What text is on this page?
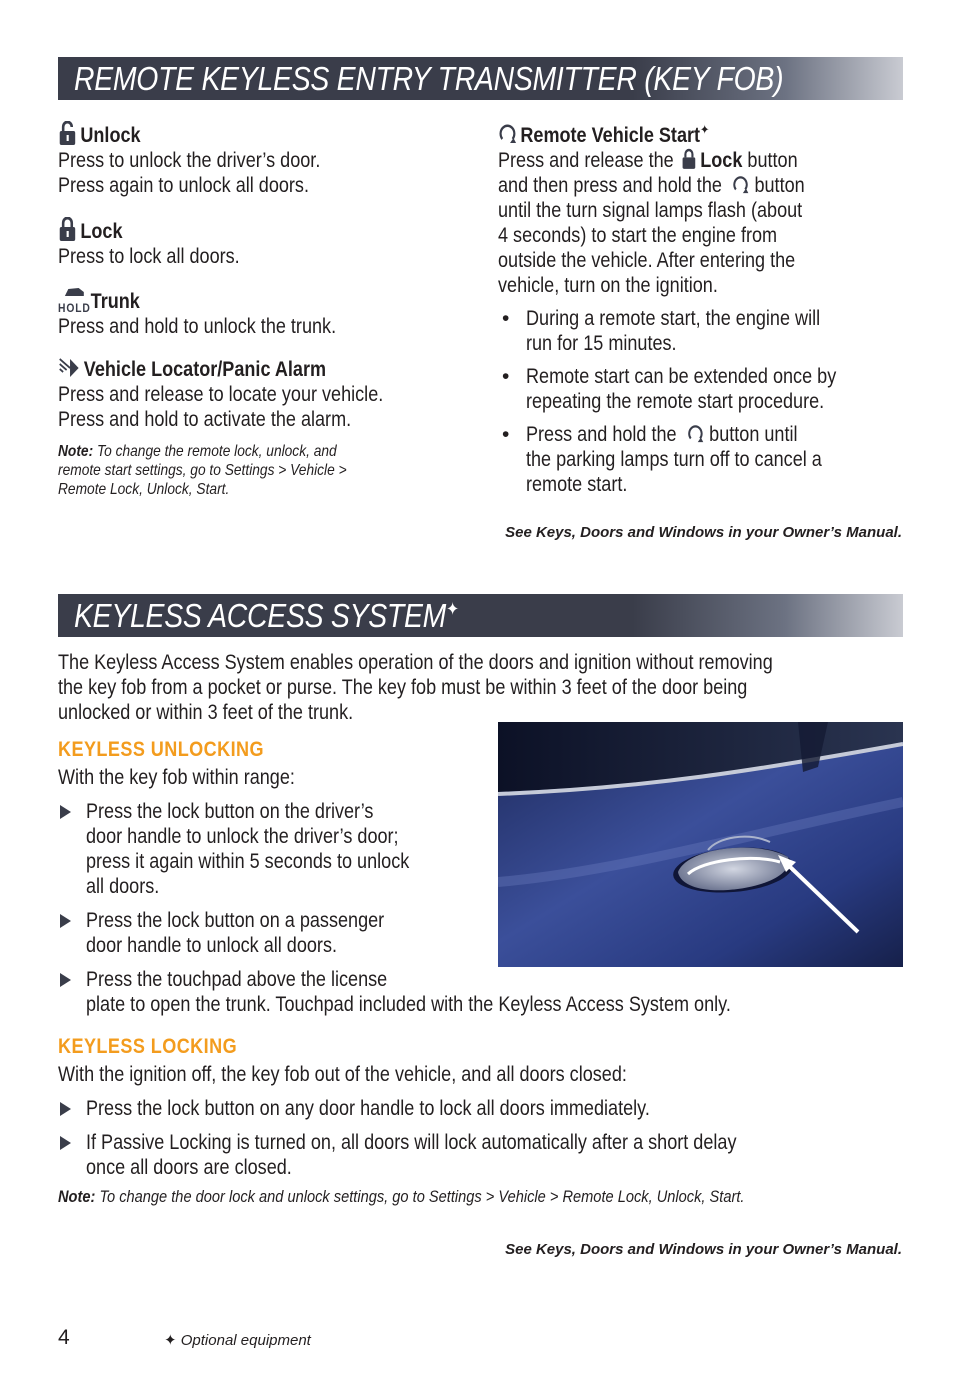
REMOTE KEYLESS ENTRY TRANSMITTER (KEY FOB)
Unlock
Press to unlock the driver’s door.
Press again to unlock all doors.
Lock
Press to lock all doors.
HOLD Trunk
Press and hold to unlock the trunk.
Vehicle Locator/Panic Alarm
Press and release to locate your vehicle.
Press and hold to activate the alarm.
Note: To change the remote lock, unlock, and
remote start settings, go to Settings > Vehicle >
Remote Lock, Unlock, Start.
Remote Vehicle Start✦
Press and release the Lock button
and then press and hold the button
until the turn signal lamps flash (about
4 seconds) to start the engine from
outside the vehicle. After entering the
vehicle, turn on the ignition.
• During a remote start, the engine will
run for 15 minutes.
• Remote start can be extended once by
repeating the remote start procedure.
• Press and hold the button until
the parking lamps turn off to cancel a
remote start.
See Keys, Doors and Windows in your Owner’s Manual.
KEYLESS ACCESS SYSTEM✦
The Keyless Access System enables operation of the doors and ignition without removing
the key fob from a pocket or purse. The key fob must be within 3 feet of the door being
unlocked or within 3 feet of the trunk.
KEYLESS UNLOCKING
With the key fob within range:
Press the lock button on the driver’s
door handle to unlock the driver’s door;
press it again within 5 seconds to unlock
all doors.
Press the lock button on a passenger
door handle to unlock all doors.
Press the touchpad above the license
plate to open the trunk. Touchpad included with the Keyless Access System only.
KEYLESS LOCKING
With the ignition off, the key fob out of the vehicle, and all doors closed:
Press the lock button on any door handle to lock all doors immediately.
If Passive Locking is turned on, all doors will lock automatically after a short delay
once all doors are closed.
Note: To change the door lock and unlock settings, go to Settings > Vehicle > Remote Lock, Unlock, Start.
See Keys, Doors and Windows in your Owner’s Manual.
4	✦ Optional equipment
